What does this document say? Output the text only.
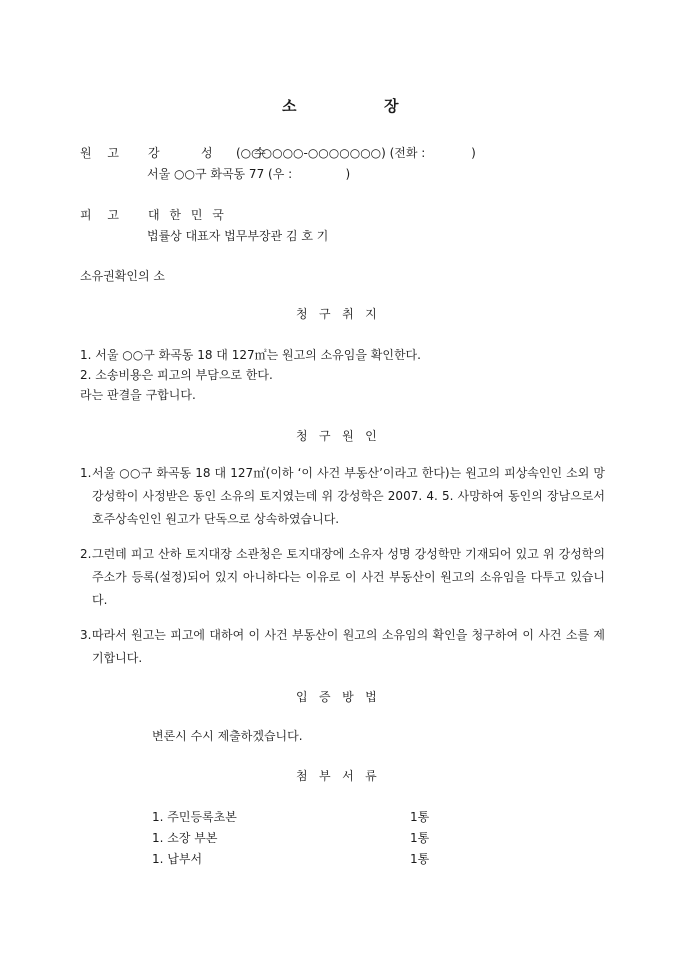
소	장
원 고 강   성   수
(○○○○○○-○○○○○○○) (전화 :            )
서울 ○○구 화곡동 77 (우 :              )
피 고 대 한 민 국
법률상 대표자 법무부장관 김 호 기
소유권확인의 소
청   구   취   지
1. 서울 ○○구 화곡동 18 대 127㎡는 원고의 소유임을 확인한다.
2. 소송비용은 피고의 부담으로 한다.
라는 판결을 구합니다.
청   구   원   인
1. 서울 ○○구 화곡동 18 대 127㎡(이하 ‘이 사건 부동산’이라고 한다)는 원고의 피상속인인 소외 망 강성학이 사정받은 동인 소유의 토지였는데 위 강성학은 2007. 4. 5. 사망하여 동인의 장남으로서 호주상속인인 원고가 단독으로 상속하였습니다.
2. 그런데 피고 산하 토지대장 소관청은 토지대장에 소유자 성명 강성학만 기재되어 있고 위 강성학의 주소가 등록(설정)되어 있지 아니하다는 이유로 이 사건 부동산이 원고의 소유임을 다투고 있습니다.
3. 따라서 원고는 피고에 대하여 이 사건 부동산이 원고의 소유임의 확인을 청구하여 이 사건 소를 제기합니다.
입   증   방   법
변론시 수시 제출하겠습니다.
첨   부   서   류
1. 주민등록초본	1통
1. 소장 부본	1통
1. 납부서	1통
